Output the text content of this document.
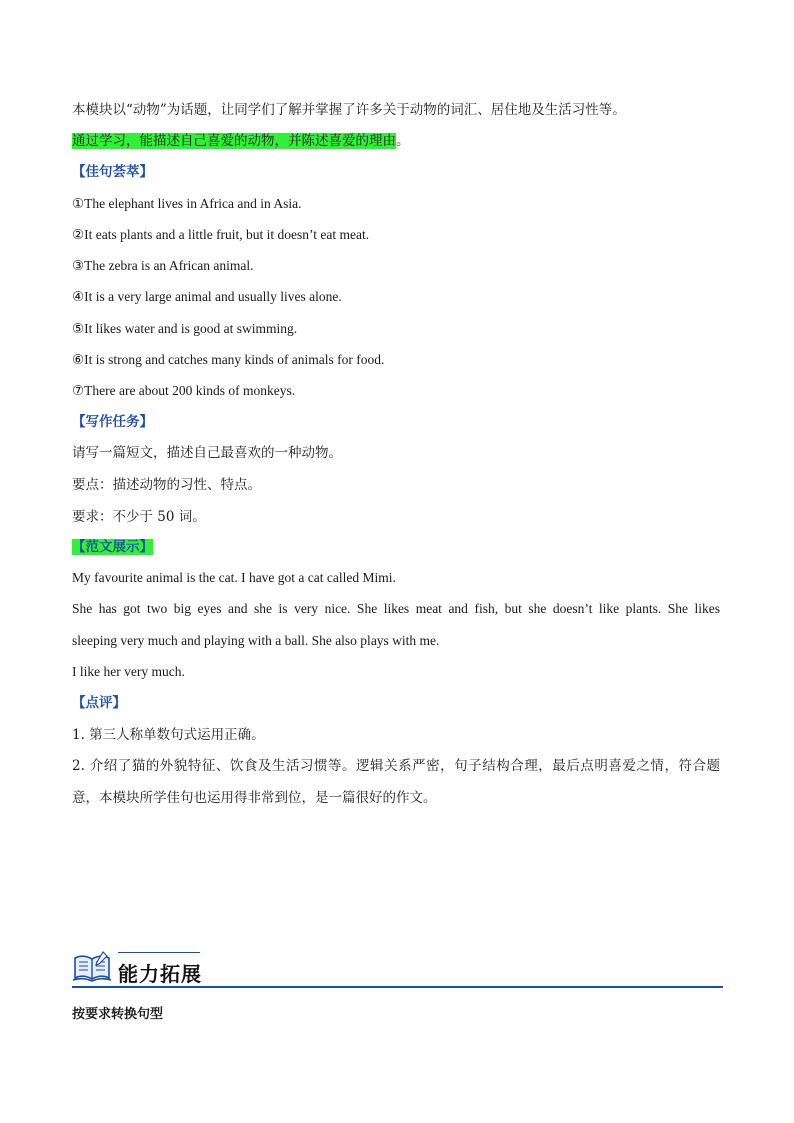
本模块以“动物”为话题，让同学们了解并掌握了许多关于动物的词汇、居住地及生活习性等。
通过学习，能描述自己喜爱的动物，并陈述喜爱的理由。
【佳句荟萃】
①The elephant lives in Africa and in Asia.
②It eats plants and a little fruit, but it doesn’t eat meat.
③The zebra is an African animal.
④It is a very large animal and usually lives alone.
⑤It likes water and is good at swimming.
⑥It is strong and catches many kinds of animals for food.
⑦There are about 200 kinds of monkeys.
【写作任务】
请写一篇短文，描述自己最喜欢的一种动物。
要点：描述动物的习性、特点。
要求：不少于 50 词。
【范文展示】
My favourite animal is the cat. I have got a cat called Mimi.
She has got two big eyes and she is very nice. She likes meat and fish, but she doesn’t like plants. She likes
sleeping very much and playing with a ball. She also plays with me.
I like her very much.
【点评】
1. 第三人称单数句式运用正确。
2. 介绍了猫的外貌特征、饮食及生活习惯等。逻辑关系严密，句子结构合理，最后点明喜爱之情，符合题
意，本模块所学佳句也运用得非常到位，是一篇很好的作文。
能力拓展
按要求转换句型
